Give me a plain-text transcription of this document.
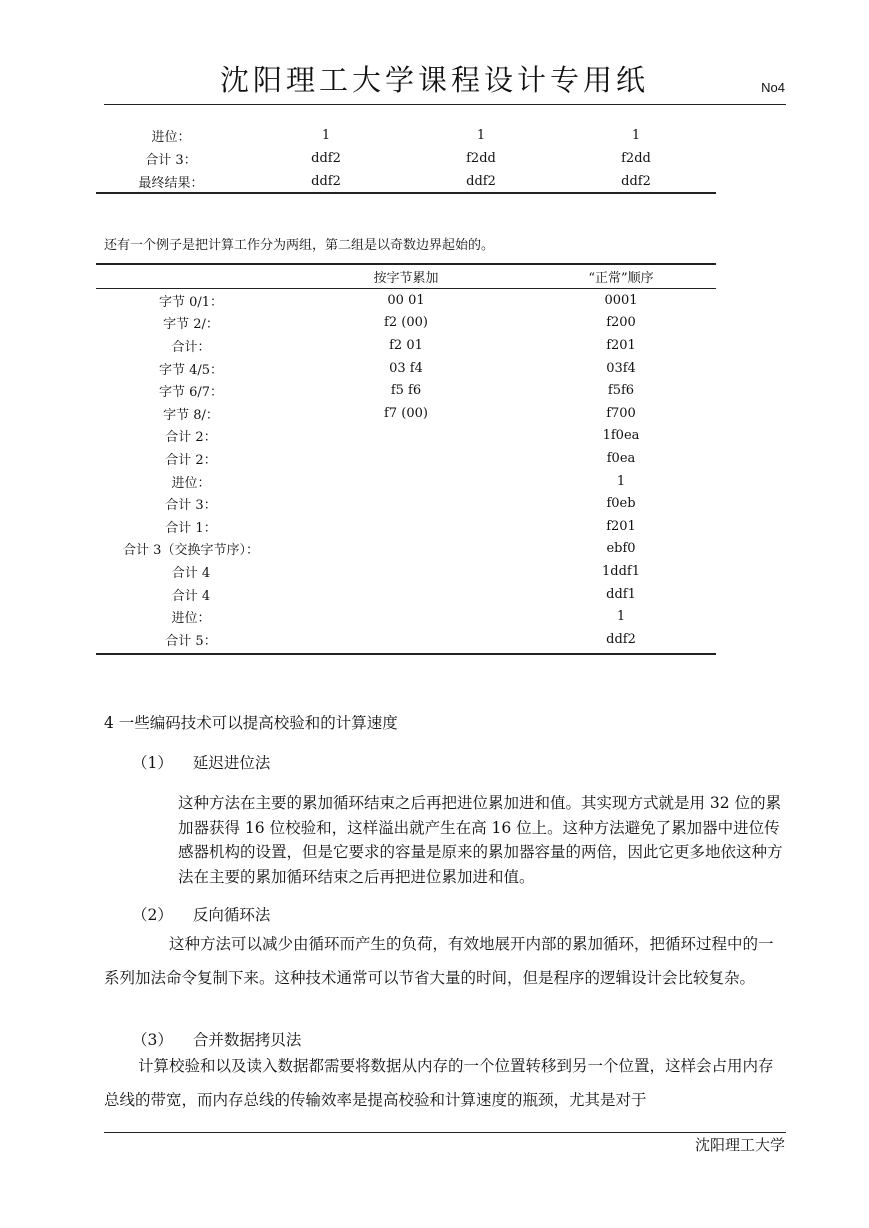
沈阳理工大学课程设计专用纸	No4
进位：	1	1	1
合计 3：	ddf2	f2dd	f2dd
最终结果：	ddf2	ddf2	ddf2
还有一个例子是把计算工作分为两组，第二组是以奇数边界起始的。
	按字节累加	“正常”顺序
字节 0/1：	00 01	0001
字节 2/：	f2 (00)	f200
合计：	f2 01	f201
字节 4/5：	03 f4	03f4
字节 6/7：	f5 f6	f5f6
字节 8/：	f7 (00)	f700
合计 2：		1f0ea
合计 2：		f0ea
进位：		1
合计 3：		f0eb
合计 1：		f201
合计 3（交换字节序）：		ebf0
合计 4		1ddf1
合计 4		ddf1
进位：		1
合计 5：		ddf2
4 一些编码技术可以提高校验和的计算速度
（1） 延迟进位法
这种方法在主要的累加循环结束之后再把进位累加进和值。其实现方式就是用 32 位的累加器获得 16 位校验和，这样溢出就产生在高 16 位上。这种方法避免了累加器中进位传感器机构的设置，但是它要求的容量是原来的累加器容量的两倍，因此它更多地依这种方法在主要的累加循环结束之后再把进位累加进和值。
（2） 反向循环法
这种方法可以减少由循环而产生的负荷，有效地展开内部的累加循环，把循环过程中的一系列加法命令复制下来。这种技术通常可以节省大量的时间，但是程序的逻辑设计会比较复杂。
（3） 合并数据拷贝法
计算校验和以及读入数据都需要将数据从内存的一个位置转移到另一个位置，这样会占用内存总线的带宽，而内存总线的传输效率是提高校验和计算速度的瓶颈，尤其是对于
沈阳理工大学
